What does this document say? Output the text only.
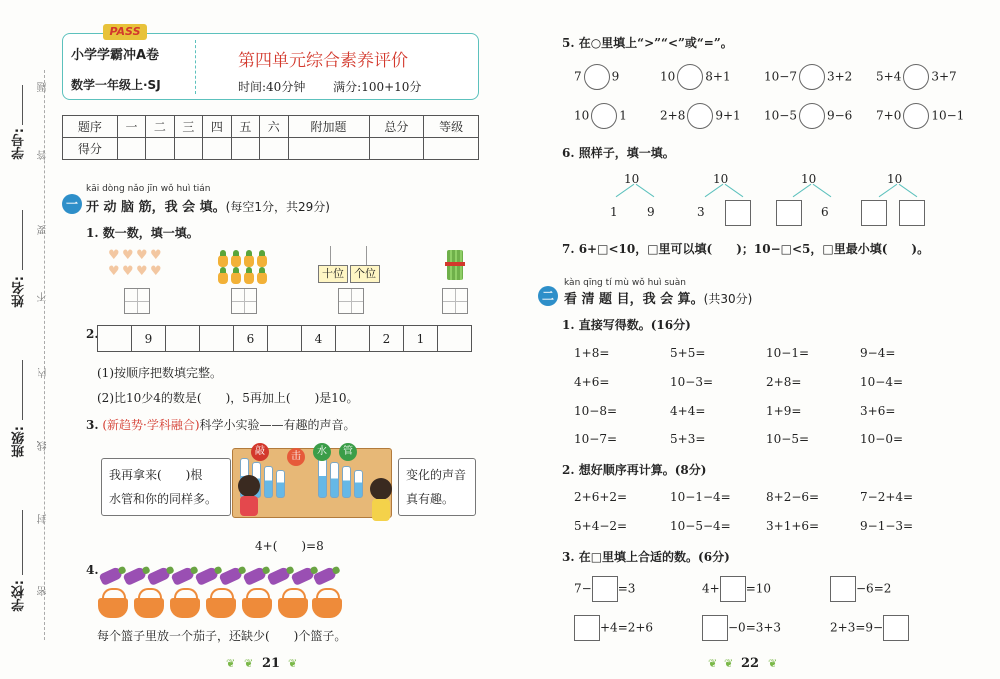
学号:
姓名:
班级:
学校:
题
答
要
不
内
线
封
密
PASS
小学学霸冲A卷
数学一年级上·SJ
第四单元综合素养评价
时间:40分钟　　 满分:100+10分
题序	一	二	三	四	五	六	附加题	总分	等级
得分									
kāi dòng nǎo jīn wǒ huì tián
一 开 动 脑 筋，我 会 填。(每空1分，共29分)
1. 数一数，填一填。
♥ ♥ ♥ ♥
♥ ♥ ♥ ♥	十位 个位
2.
		9			6		4		2	1	
(1)按顺序把数填完整。
(2)比10少4的数是(　　)，5再加上(　　)是10。
3. (新趋势·学科融合)科学小实验——有趣的声音。
我再拿来(　　)根
水管和你的同样多。
变化的声音
真有趣。
敲	击	水	管
4+(　　)=8
4.
每个篮子里放一个茄子，还缺少(　　)个篮子。
❦ ❦ 21 ❦
5. 在○里填上“>”“<”或“=”。
7	9	10	8+1	10−7	3+2 5+4	3+7
10	1	2+8	9+1 10−5	9−6 7+0	10−1
6. 照样子，填一填。
10
1 9
10
3
10
6
10
7. 6+□<10，□里可以填(　　)；10−□<5，□里最小填(　　)。
kàn qīng tí mù wǒ huì suàn
二 看 清 题 目，我 会 算。(共30分)
1. 直接写得数。(16分)
1+8=	5+5=	10−1=	9−4=
4+6=	10−3=	2+8=	10−4=
10−8=	4+4=	1+9=	3+6=
10−7=	5+3=	10−5=	10−0=
2. 想好顺序再计算。(8分)
2+6+2=	10−1−4=	8+2−6=	7−2+4=
5+4−2=	10−5−4=	3+1+6=	9−1−3=
3. 在□里填上合适的数。(6分)
7− =3	4+ =10	−6=2
+4=2+6	−0=3+3	2+3=9−
❦ ❦ 22 ❦
